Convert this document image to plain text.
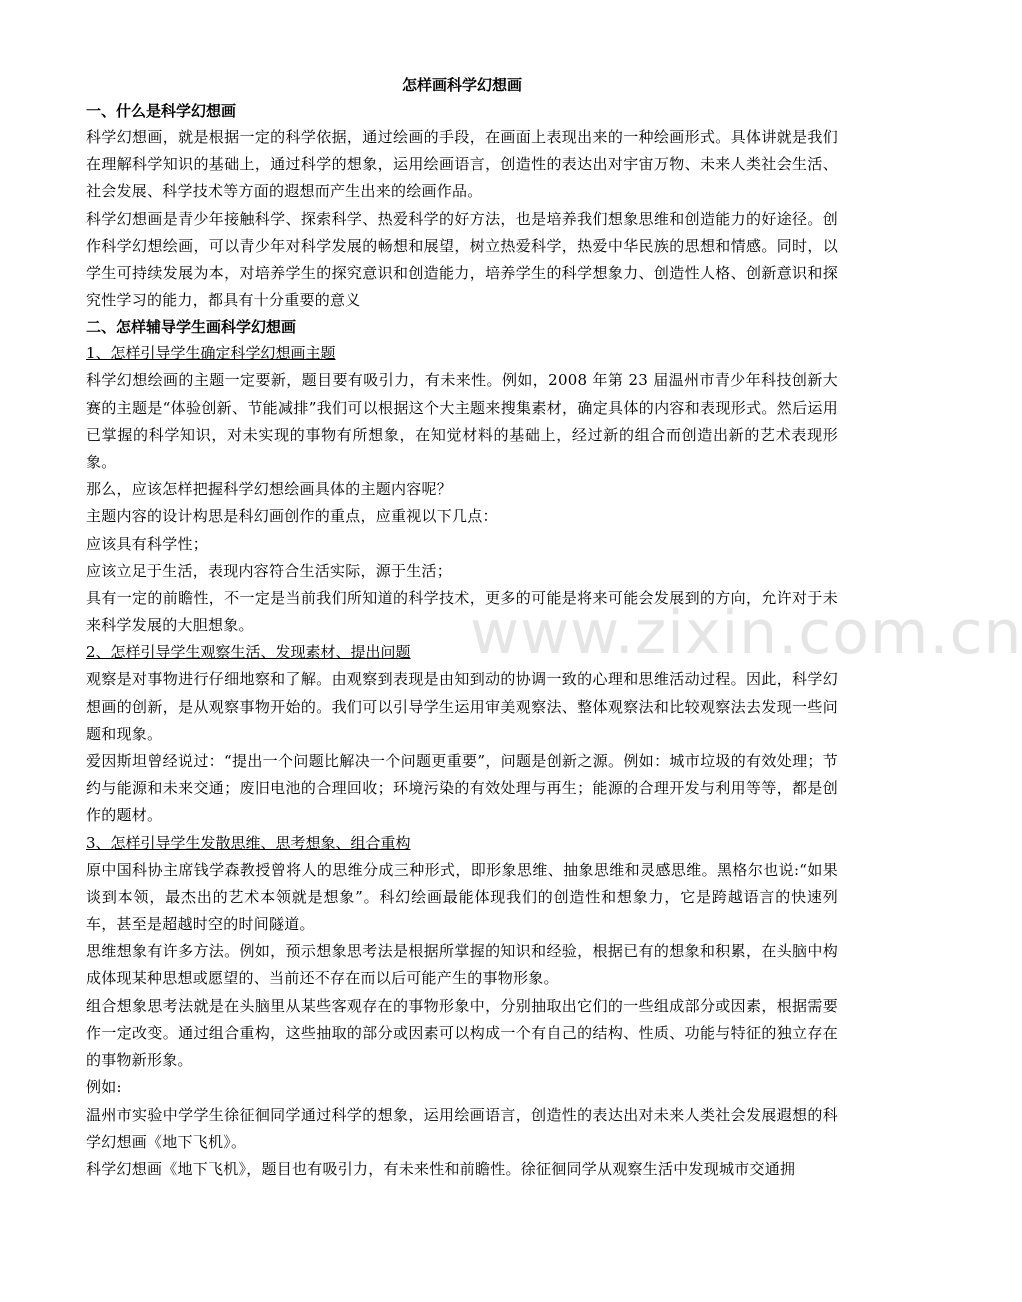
www.zixin.com.cn

怎样画科学幻想画

一、什么是科学幻想画

科学幻想画，就是根据一定的科学依据，通过绘画的手段，在画面上表现出来的一种绘画形式。具体讲就是我们在理解科学知识的基础上，通过科学的想象，运用绘画语言，创造性的表达出对宇宙万物、未来人类社会生活、社会发展、科学技术等方面的遐想而产生出来的绘画作品。

科学幻想画是青少年接触科学、探索科学、热爱科学的好方法，也是培养我们想象思维和创造能力的好途径。创作科学幻想绘画，可以青少年对科学发展的畅想和展望，树立热爱科学，热爱中华民族的思想和情感。同时，以学生可持续发展为本，对培养学生的探究意识和创造能力，培养学生的科学想象力、创造性人格、创新意识和探究性学习的能力，都具有十分重要的意义

二、怎样辅导学生画科学幻想画

1、怎样引导学生确定科学幻想画主题

科学幻想绘画的主题一定要新，题目要有吸引力，有未来性。例如，2008 年第 23 届温州市青少年科技创新大赛的主题是“体验创新、节能减排”我们可以根据这个大主题来搜集素材，确定具体的内容和表现形式。然后运用已掌握的科学知识，对未实现的事物有所想象，在知觉材料的基础上，经过新的组合而创造出新的艺术表现形象。

那么，应该怎样把握科学幻想绘画具体的主题内容呢？

主题内容的设计构思是科幻画创作的重点，应重视以下几点：

应该具有科学性；

应该立足于生活，表现内容符合生活实际，源于生活；

具有一定的前瞻性，不一定是当前我们所知道的科学技术，更多的可能是将来可能会发展到的方向，允许对于未来科学发展的大胆想象。

2、怎样引导学生观察生活、发现素材、提出问题

观察是对事物进行仔细地察和了解。由观察到表现是由知到动的协调一致的心理和思维活动过程。因此，科学幻想画的创新，是从观察事物开始的。我们可以引导学生运用审美观察法、整体观察法和比较观察法去发现一些问题和现象。

爱因斯坦曾经说过：“提出一个问题比解决一个问题更重要”，问题是创新之源。例如：城市垃圾的有效处理；节约与能源和未来交通；废旧电池的合理回收；环境污染的有效处理与再生；能源的合理开发与利用等等，都是创作的题材。

3、怎样引导学生发散思维、思考想象、组合重构

原中国科协主席钱学森教授曾将人的思维分成三种形式，即形象思维、抽象思维和灵感思维。黑格尔也说:“如果谈到本领，最杰出的艺术本领就是想象”。科幻绘画最能体现我们的创造性和想象力，它是跨越语言的快速列车，甚至是超越时空的时间隧道。

思维想象有许多方法。例如，预示想象思考法是根据所掌握的知识和经验，根据已有的想象和积累，在头脑中构成体现某种思想或愿望的、当前还不存在而以后可能产生的事物形象。

组合想象思考法就是在头脑里从某些客观存在的事物形象中，分别抽取出它们的一些组成部分或因素，根据需要作一定改变。通过组合重构，这些抽取的部分或因素可以构成一个有自己的结构、性质、功能与特征的独立存在的事物新形象。

例如:

温州市实验中学学生徐征徊同学通过科学的想象，运用绘画语言，创造性的表达出对未来人类社会发展遐想的科学幻想画《地下飞机》。

科学幻想画《地下飞机》，题目也有吸引力，有未来性和前瞻性。徐征徊同学从观察生活中发现城市交通拥
